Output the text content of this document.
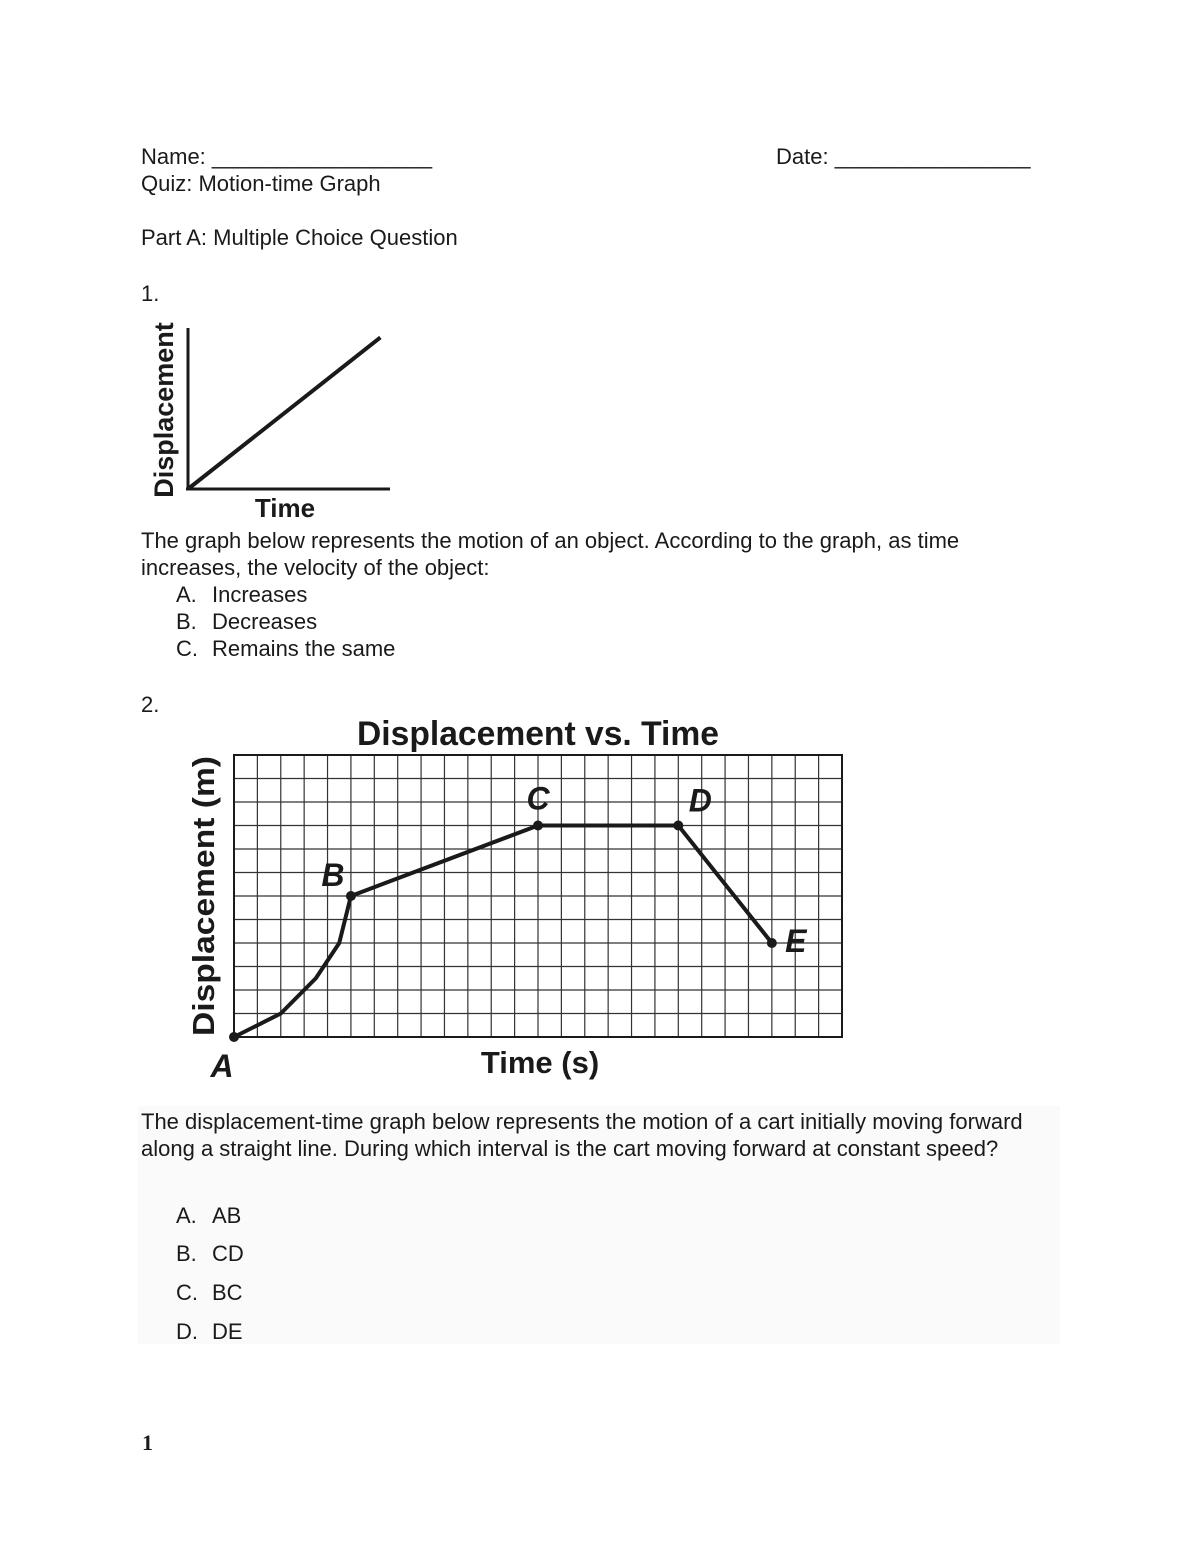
Name: __________________	Date: ________________
Quiz: Motion-time Graph
Part A: Multiple Choice Question
1.
Displacement
Time
The graph below represents the motion of an object. According to the graph, as time increases, the velocity of the object:
A. Increases
B. Decreases
C. Remains the same
2.
Displacement vs. Time
A
B
C	D
E
Displacement (m)
Time (s)
The displacement-time graph below represents the motion of a cart initially moving forward along a straight line. During which interval is the cart moving forward at constant speed?
A. AB
B. CD
C. BC
D. DE
1
